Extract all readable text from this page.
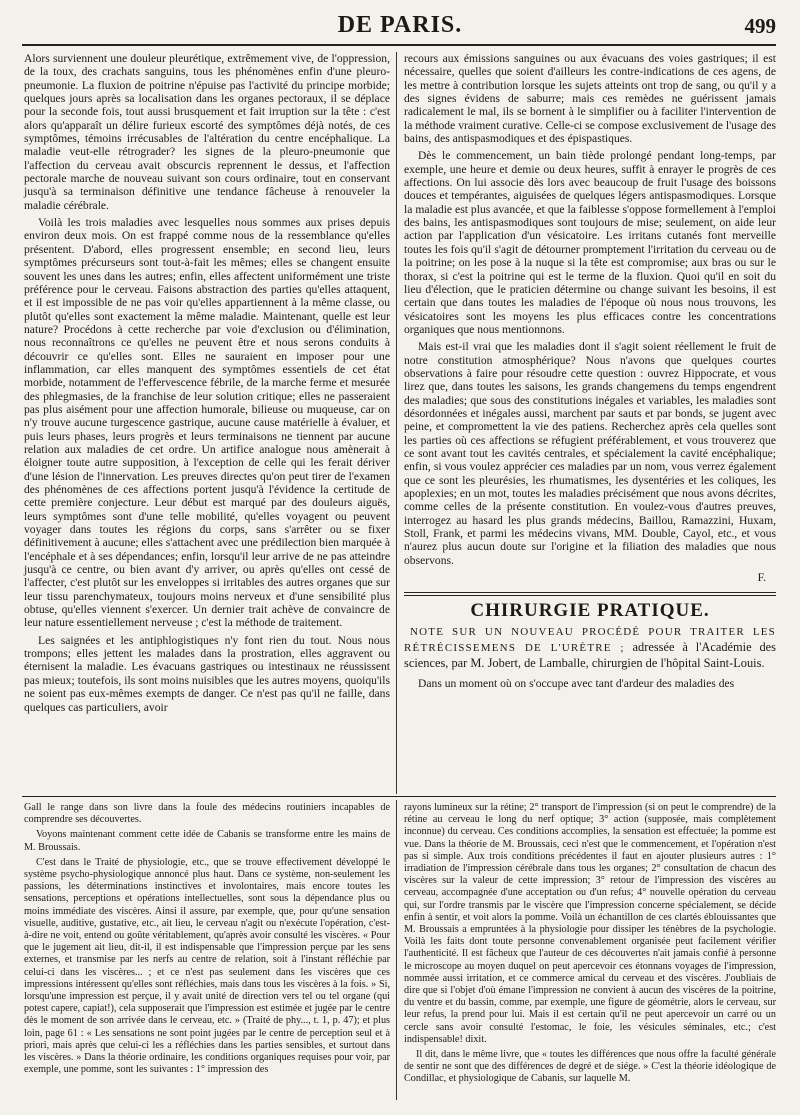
DE PARIS.	499

Alors surviennent une douleur pleurétique, extrêmement vive, de l'oppression, de la toux, des crachats sanguins, tous les phénomènes enfin d'une pleuro-pneumonie. La fluxion de poitrine n'épuise pas l'activité du principe morbide; quelques jours après sa localisation dans les organes pectoraux, il se déplace pour la seconde fois, tout aussi brusquement et fait irruption sur la tête : c'est alors qu'apparaît un délire furieux escorté des symptômes déjà notés, de ces symptômes, témoins irrécusables de l'altération du centre encéphalique. La maladie veut-elle rétrograder? les signes de la pleuro-pneumonie que l'affection du cerveau avait obscurcis reprennent le dessus, et l'affection pectorale marche de nouveau suivant son cours ordinaire, tout en conservant jusqu'à sa terminaison définitive une tendance fâcheuse à renouveler la maladie cérébrale.

Voilà les trois maladies avec lesquelles nous sommes aux prises depuis environ deux mois. On est frappé comme nous de la ressemblance qu'elles présentent. D'abord, elles progressent ensemble; en second lieu, leurs symptômes précurseurs sont tout-à-fait les mêmes; elles se changent ensuite souvent les unes dans les autres; enfin, elles affectent uniformément une triste préférence pour le cerveau. Faisons abstraction des parties qu'elles attaquent, et il est impossible de ne pas voir qu'elles appartiennent à la même classe, ou plutôt qu'elles sont exactement la même maladie. Maintenant, quelle est leur nature? Procédons à cette recherche par voie d'exclusion ou d'élimination, nous reconnaîtrons ce qu'elles ne peuvent être et nous serons conduits à découvrir ce qu'elles sont. Elles ne sauraient en imposer pour une inflammation, car elles manquent des symptômes essentiels de cet état morbide, notamment de l'effervescence fébrile, de la marche ferme et mesurée des phlegmasies, de la franchise de leur solution critique; elles ne passeraient pas plus aisément pour une affection humorale, bilieuse ou muqueuse, car on n'y trouve aucune turgescence gastrique, aucune cause matérielle à évaluer, et puis leurs phases, leurs progrès et leurs terminaisons ne tiennent par aucune relation aux maladies de cet ordre. Un artifice analogue nous amènerait à éloigner toute autre supposition, à l'exception de celle qui les ferait dériver d'une lésion de l'innervation. Les preuves directes qu'on peut tirer de l'examen des phénomènes de ces affections portent jusqu'à l'évidence la certitude de cette première conjecture. Leur début est marqué par des douleurs aiguës, leurs symptômes sont d'une telle mobilité, qu'elles voyagent ou peuvent voyager dans toutes les régions du corps, sans s'arrêter ou se fixer définitivement à aucune; elles s'attachent avec une prédilection bien marquée à l'encéphale et à ses dépendances; enfin, lorsqu'il leur arrive de ne pas atteindre jusqu'à ce centre, ou bien avant d'y arriver, ou après qu'elles ont cessé de l'affecter, c'est plutôt sur les enveloppes si irritables des autres organes que sur leur tissu parenchymateux, toujours moins nerveux et d'une sensibilité plus obtuse, qu'elles viennent s'exercer. Un dernier trait achève de convaincre de leur nature essentiellement nerveuse ; c'est la méthode de traitement.

Les saignées et les antiphlogistiques n'y font rien du tout. Nous nous trompons; elles jettent les malades dans la prostration, elles aggravent ou éternisent la maladie. Les évacuans gastriques ou intestinaux ne réussissent pas mieux; toutefois, ils sont moins nuisibles que les autres moyens, quoiqu'ils ne soient pas eux-mêmes exempts de danger. Ce n'est pas qu'il ne faille, dans quelques cas particuliers, avoir

recours aux émissions sanguines ou aux évacuans des voies gastriques; il est nécessaire, quelles que soient d'ailleurs les contre-indications de ces agens, de les mettre à contribution lorsque les sujets atteints ont trop de sang, ou qu'il y a des signes évidens de saburre; mais ces remèdes ne guérissent jamais radicalement le mal, ils se bornent à le simplifier ou à faciliter l'intervention de la méthode vraiment curative. Celle-ci se compose exclusivement de l'usage des bains, des antispasmodiques et des épispastiques.

Dès le commencement, un bain tiède prolongé pendant long-temps, par exemple, une heure et demie ou deux heures, suffit à enrayer le progrès de ces affections. On lui associe dès lors avec beaucoup de fruit l'usage des boissons douces et tempérantes, aiguisées de quelques légers antispasmodiques. Lorsque la maladie est plus avancée, et que la faiblesse s'oppose formellement à l'emploi des bains, les antispasmodiques sont toujours de mise; seulement, on aide leur action par l'application d'un vésicatoire. Les irritans cutanés font merveille toutes les fois qu'il s'agit de détourner promptement l'irritation du cerveau ou de la poitrine; on les pose à la nuque si la tête est compromise; aux bras ou sur le thorax, si c'est la poitrine qui est le terme de la fluxion. Quoi qu'il en soit du lieu d'élection, que le praticien détermine ou change suivant les besoins, il est certain que dans toutes les maladies de l'époque où nous nous trouvons, les vésicatoires sont les moyens les plus efficaces contre les concentrations organiques que nous mentionnons.

Mais est-il vrai que les maladies dont il s'agit soient réellement le fruit de notre constitution atmosphérique? Nous n'avons que quelques courtes observations à faire pour résoudre cette question : ouvrez Hippocrate, et vous lirez que, dans toutes les saisons, les grands changemens du temps engendrent des maladies; que sous des constitutions inégales et variables, les maladies sont désordonnées et inégales aussi, marchent par sauts et par bonds, se jugent avec peine, et compromettent la vie des patiens. Recherchez après cela quelles sont les parties où ces affections se réfugient préférablement, et vous trouverez que ce sont avant tout les cavités centrales, et spécialement la cavité encéphalique; enfin, si vous voulez apprécier ces maladies par un nom, vous verrez également que ce sont les pleurésies, les rhumatismes, les dysentéries et les coliques, les apoplexies; en un mot, toutes les maladies précisément que nous avons décrites, comme celles de la présente constitution. En voulez-vous d'autres preuves, interrogez au hasard les plus grands médecins, Baillou, Ramazzini, Huxam, Stoll, Frank, et parmi les médecins vivans, MM. Double, Cayol, etc., et vous n'aurez plus aucun doute sur l'origine et la filiation des maladies que nous observons.

F.
CHIRURGIE PRATIQUE.
NOTE SUR UN NOUVEAU PROCÉDÉ POUR TRAITER LES RÉTRÉCISSEMENS DE L'URÈTRE ; adressée à l'Académie des sciences, par M. Jobert, de Lamballe, chirurgien de l'hôpital Saint-Louis.

Dans un moment où on s'occupe avec tant d'ardeur des maladies des

Gall le range dans son livre dans la foule des médecins routiniers incapables de comprendre ses découvertes.

Voyons maintenant comment cette idée de Cabanis se transforme entre les mains de M. Broussais.

C'est dans le Traité de physiologie, etc., que se trouve effectivement développé le système psycho-physiologique annoncé plus haut. Dans ce système, non-seulement les passions, les déterminations instinctives et involontaires, mais encore toutes les sensations, perceptions et opérations intellectuelles, sont sous la dépendance plus ou moins immédiate des viscères. Ainsi il assure, par exemple, que, pour qu'une sensation visuelle, auditive, gustative, etc., ait lieu, le cerveau n'agit ou n'exécute l'opération, c'est-à-dire ne voit, entend ou goûte véritablement, qu'après avoir consulté les viscères. « Pour que le jugement ait lieu, dit-il, il est indispensable que l'impression perçue par les sens externes, et transmise par les nerfs au centre de relation, soit à l'instant réfléchie par celui-ci dans les viscères... ; et ce n'est pas seulement dans les viscères que ces impressions intéressent qu'elles sont réfléchies, mais dans tous les viscères à la fois. » Si, lorsqu'une impression est perçue, il y avait unité de direction vers tel ou tel organe (qui potest capere, capiat!), cela supposerait que l'impression est estimée et jugée par le centre dès le moment de son arrivée dans le cerveau, etc. » (Traité de phy..., t. 1, p. 47); et plus loin, page 61 : « Les sensations ne sont point jugées par le centre de perception seul et à priori, mais après que celui-ci les a réfléchies dans les parties sensibles, et surtout dans les viscères. » Dans la théorie ordinaire, les conditions organiques requises pour voir, par exemple, une pomme, sont les suivantes : 1° impression des

rayons lumineux sur la rétine; 2° transport de l'impression (si on peut le comprendre) de la rétine au cerveau le long du nerf optique; 3° action (supposée, mais complètement inconnue) du cerveau. Ces conditions accomplies, la sensation est effectuée; la pomme est vue. Dans la théorie de M. Broussais, ceci n'est que le commencement, et l'opération n'est pas si simple. Aux trois conditions précédentes il faut en ajouter plusieurs autres : 1° irradiation de l'impression cérébrale dans tous les organes; 2° consultation de chacun des viscères sur la valeur de cette impression; 3° retour de l'impression des viscères au cerveau, accompagnée d'une acceptation ou d'un refus; 4° nouvelle opération du cerveau qui, sur l'ordre transmis par le viscère que l'impression concerne spécialement, se décide enfin à sentir, et voit alors la pomme. Voilà un échantillon de ces clartés éblouissantes que M. Broussais a empruntées à la physiologie pour dissiper les ténèbres de la psychologie. Voilà les faits dont toute personne convenablement organisée peut facilement vérifier l'authenticité. Il est fâcheux que l'auteur de ces découvertes n'ait jamais confié à personne le microscope au moyen duquel on peut apercevoir ces étonnans voyages de l'impression, nommée aussi irritation, et ce commerce amical du cerveau et des viscères. J'oubliais de dire que si l'objet d'où émane l'impression ne convient à aucun des viscères de la poitrine, du ventre et du bassin, comme, par exemple, une figure de géométrie, alors le cerveau, sur leur refus, la prend pour lui. Mais il est certain qu'il ne peut apercevoir un carré ou un cercle sans avoir consulté l'estomac, le foie, les vésicules séminales, etc.; c'est indispensable! dixit.

Il dit, dans le même livre, que « toutes les différences que nous offre la faculté générale de sentir ne sont que des différences de degré et de siége. » C'est la théorie idéologique de Condillac, et physiologique de Cabanis, sur laquelle M.
